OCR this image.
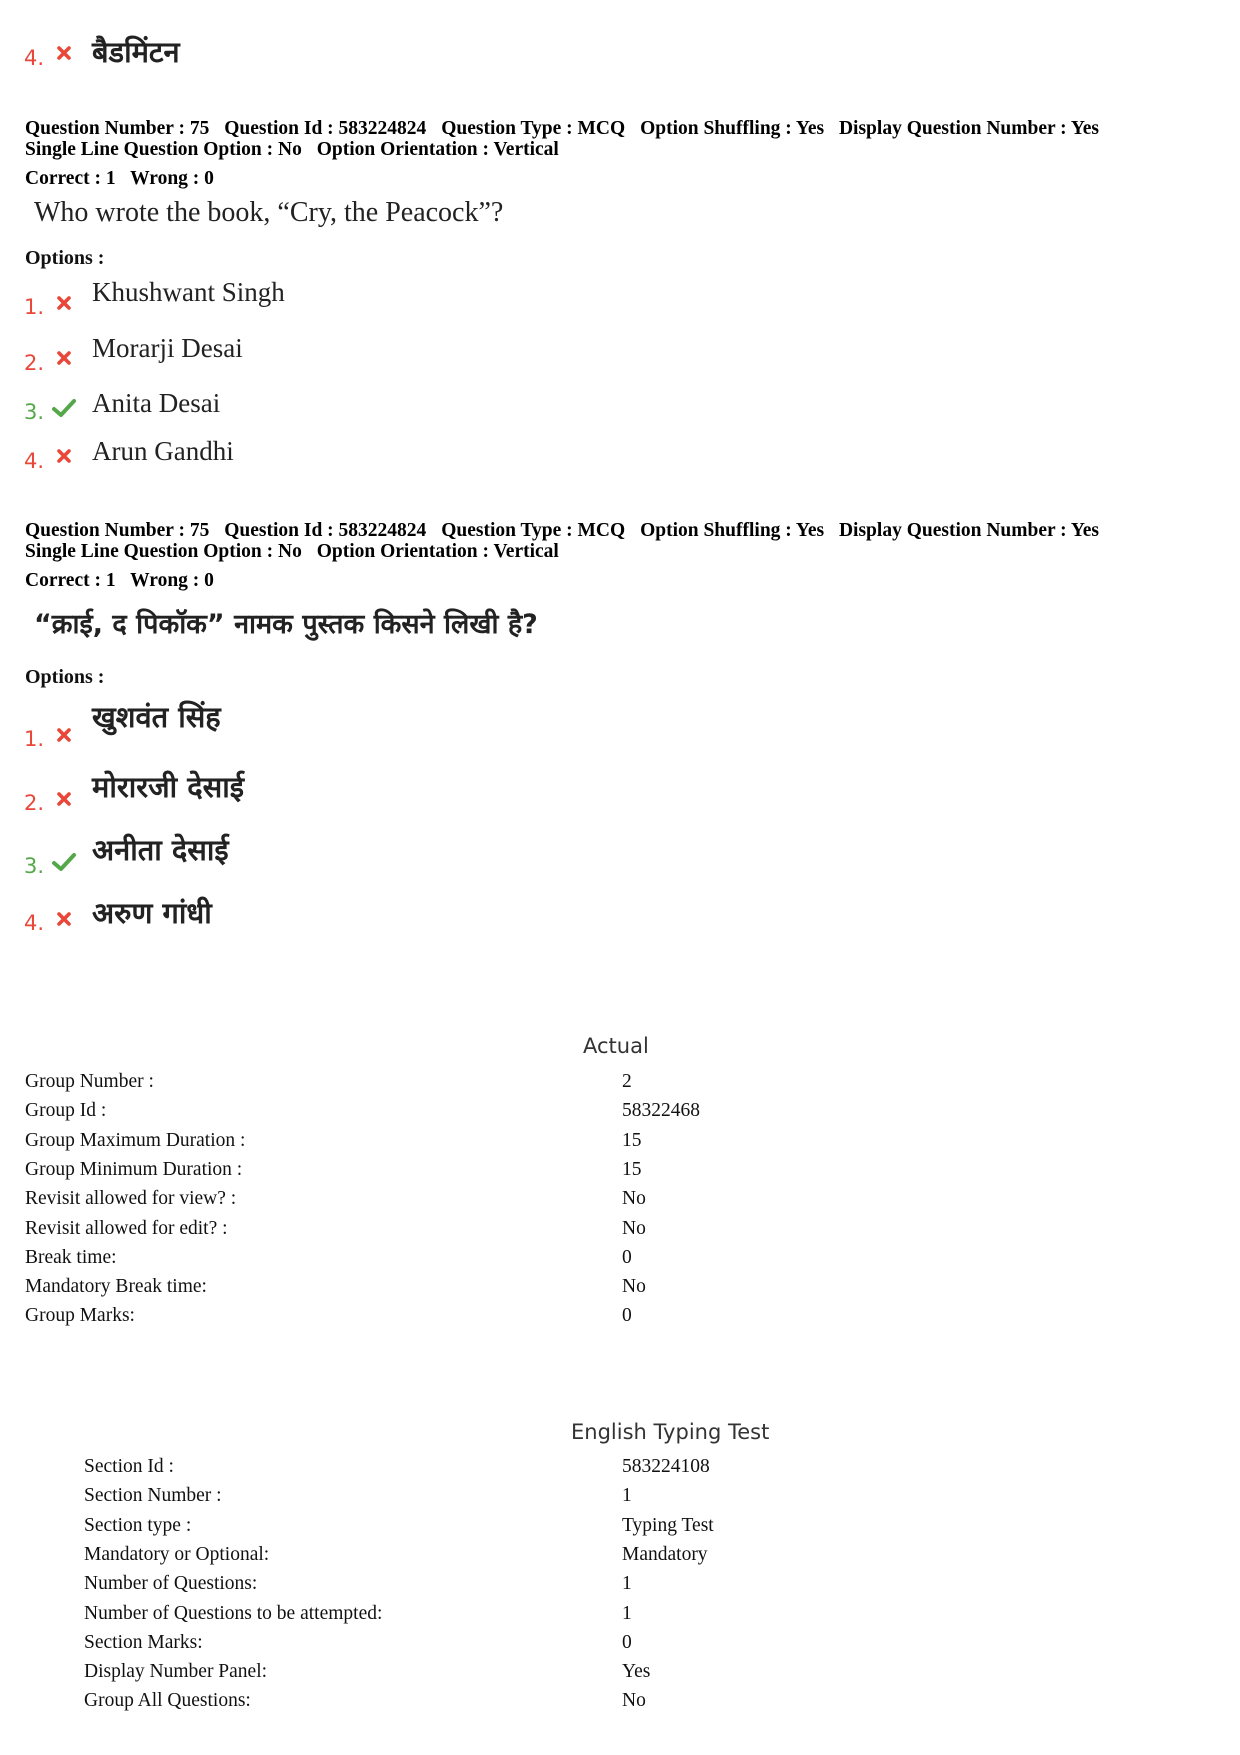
4. बैडमिंटन
Question Number : 75 Question Id : 583224824 Question Type : MCQ Option Shuffling : Yes Display Question Number : Yes
Single Line Question Option : No Option Orientation : Vertical
Correct : 1 Wrong : 0
Who wrote the book, “Cry, the Peacock”?
Options :
1. Khushwant Singh
2. Morarji Desai
3. Anita Desai
4. Arun Gandhi
Question Number : 75 Question Id : 583224824 Question Type : MCQ Option Shuffling : Yes Display Question Number : Yes
Single Line Question Option : No Option Orientation : Vertical
Correct : 1 Wrong : 0
“क्राई, द पिकॉक” नामक पुस्तक किसने लिखी है?
Options :
1.
खुशवंत सिंह
2. मोरारजी देसाई
3. अनीता देसाई
4. अरुण गांधी
Actual
Group Number :	2
Group Id :	58322468
Group Maximum Duration :	15
Group Minimum Duration :	15
Revisit allowed for view? :	No
Revisit allowed for edit? :	No
Break time:	0
Mandatory Break time:	No
Group Marks:	0
English Typing Test
Section Id :	583224108
Section Number :	1
Section type :	Typing Test
Mandatory or Optional:	Mandatory
Number of Questions:	1
Number of Questions to be attempted:	1
Section Marks:	0
Display Number Panel:	Yes
Group All Questions:	No
